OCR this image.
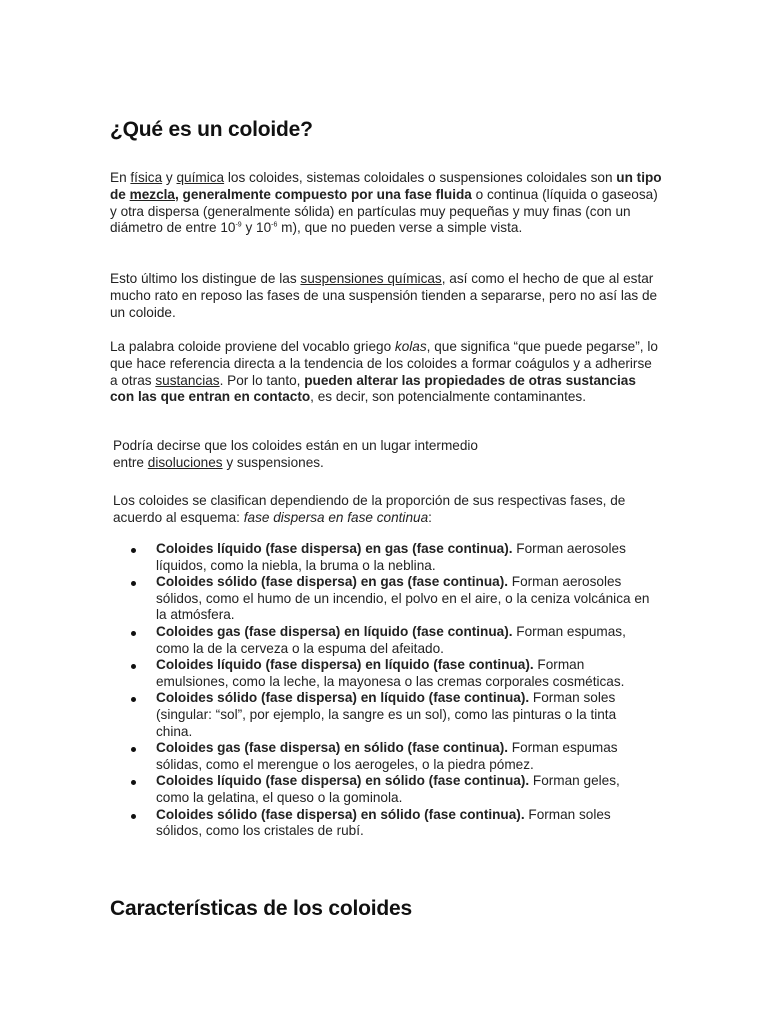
¿Qué es un coloide?

En física y química los coloides, sistemas coloidales o suspensiones coloidales son un tipo de mezcla, generalmente compuesto por una fase fluida o continua (líquida o gaseosa) y otra dispersa (generalmente sólida) en partículas muy pequeñas y muy finas (con un diámetro de entre $10^{-9}$ y $10^{-6}$ m), que no pueden verse a simple vista.

Esto último los distingue de las suspensiones químicas, así como el hecho de que al estar mucho rato en reposo las fases de una suspensión tienden a separarse, pero no así las de un coloide.

La palabra coloide proviene del vocablo griego kolas, que significa “que puede pegarse”, lo que hace referencia directa a la tendencia de los coloides a formar coágulos y a adherirse a otras sustancias. Por lo tanto, pueden alterar las propiedades de otras sustancias con las que entran en contacto, es decir, son potencialmente contaminantes.

Podría decirse que los coloides están en un lugar intermedio
entre disoluciones y suspensiones.

Los coloides se clasifican dependiendo de la proporción de sus respectivas fases, de acuerdo al esquema: fase dispersa en fase continua:

Coloides líquido (fase dispersa) en gas (fase continua). Forman aerosoles líquidos, como la niebla, la bruma o la neblina.
Coloides sólido (fase dispersa) en gas (fase continua). Forman aerosoles sólidos, como el humo de un incendio, el polvo en el aire, o la ceniza volcánica en la atmósfera.
Coloides gas (fase dispersa) en líquido (fase continua). Forman espumas, como la de la cerveza o la espuma del afeitado.
Coloides líquido (fase dispersa) en líquido (fase continua). Forman emulsiones, como la leche, la mayonesa o las cremas corporales cosméticas.
Coloides sólido (fase dispersa) en líquido (fase continua). Forman soles (singular: “sol”, por ejemplo, la sangre es un sol), como las pinturas o la tinta china.
Coloides gas (fase dispersa) en sólido (fase continua). Forman espumas sólidas, como el merengue o los aerogeles, o la piedra pómez.
Coloides líquido (fase dispersa) en sólido (fase continua). Forman geles, como la gelatina, el queso o la gominola.
Coloides sólido (fase dispersa) en sólido (fase continua). Forman soles sólidos, como los cristales de rubí.
Características de los coloides
